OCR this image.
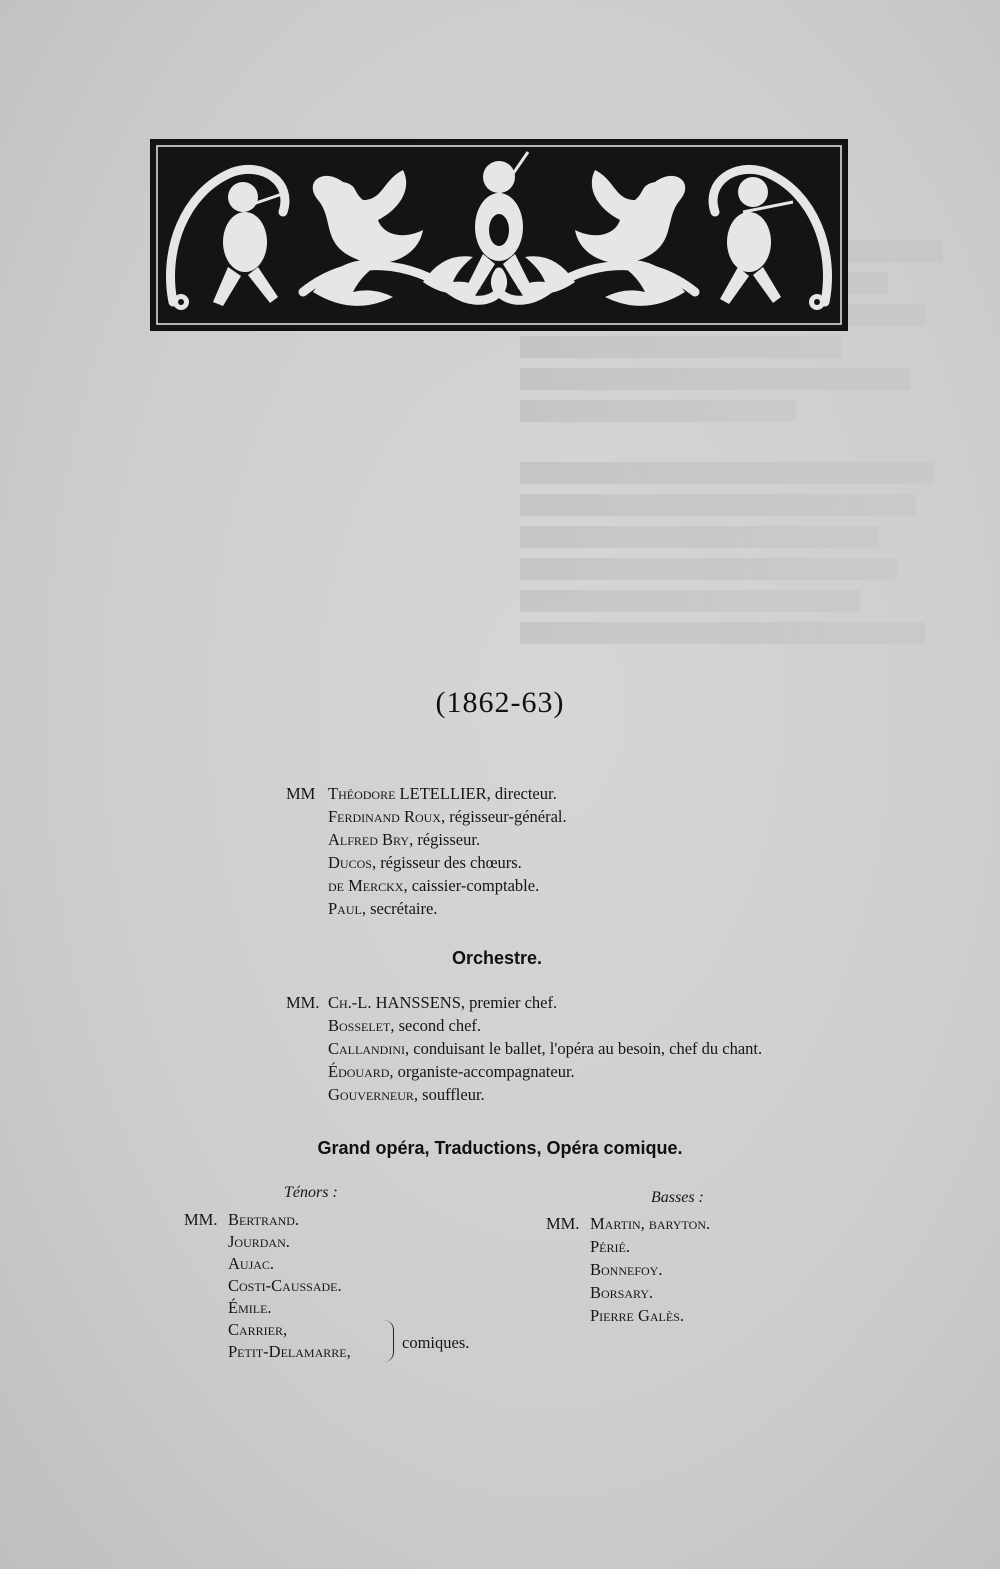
(1862-63)
MM Théodore LETELLIER, directeur.
Ferdinand Roux, régisseur-général.
Alfred Bry, régisseur.
Ducos, régisseur des chœurs.
de Merckx, caissier-comptable.
Paul, secrétaire.
Orchestre.
MM. Ch.-L. HANSSENS, premier chef.
Bosselet, second chef.
Callandini, conduisant le ballet, l'opéra au besoin, chef du chant.
Édouard, organiste-accompagnateur.
Gouverneur, souffleur.
Grand opéra, Traductions, Opéra comique.
Ténors :
MM. Bertrand.
Jourdan.
Aujac.
Costi-Caussade.
Émile.
Carrier,
Petit-Delamarre,	comiques.
Basses :
MM. Martin, baryton.
Périé.
Bonnefoy.
Borsary.
Pierre Galès.
